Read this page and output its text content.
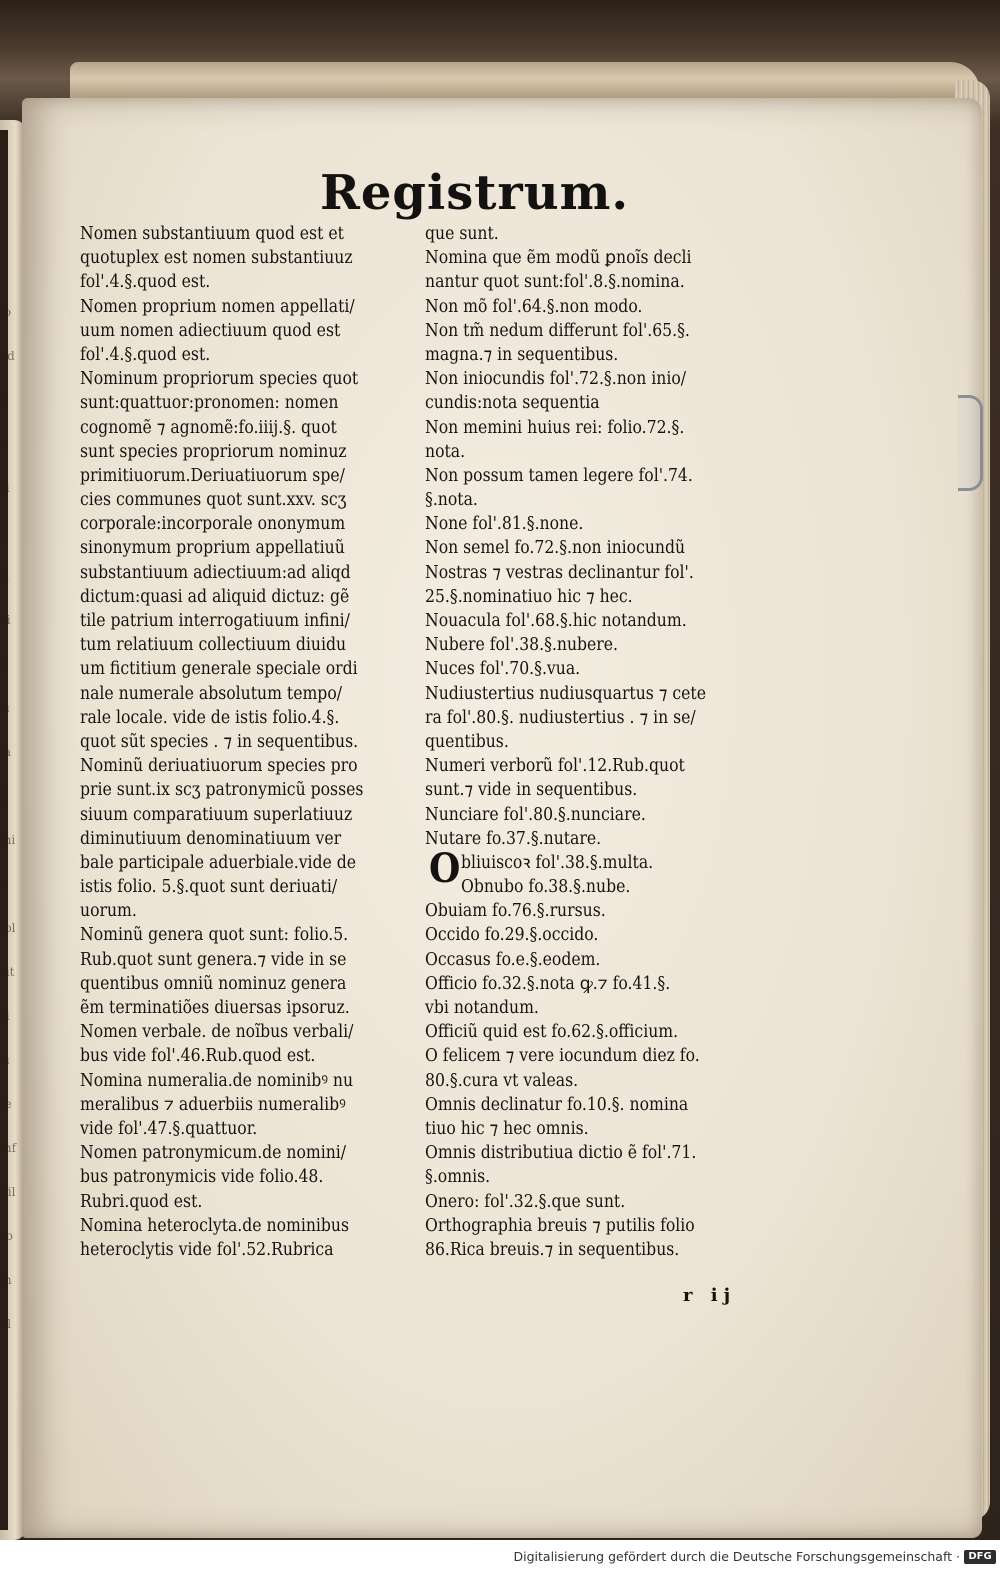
lo
ad
§
u
ri
§
ti
ci
§
ri
ia
§
mi
a
fol
rit
ri
ri
fe
inf
hil
ro
in
ol
Registrum.
Nomen substantiuum quod est et
quotuplex est nomen substantiuuz
fol'.4.§.quod est.
Nomen proprium nomen appellati/
uum nomen adiectiuum quod est
fol'.4.§.quod est.
Nominum propriorum species quot
sunt:quattuor:pronomen: nomen
cognomẽ ⁊ agnomẽ:fo.iiij.§. quot
sunt species propriorum nominuz
primitiuorum.Deriuatiuorum spe/
cies communes quot sunt.xxv. scʒ
corporale:incorporale ononymum
sinonymum proprium appellatiuũ
substantiuum adiectiuum:ad aliqd
dictum:quasi ad aliquid dictuz: gẽ
tile patrium interrogatiuum infini/
tum relatiuum collectiuum diuidu
um fictitium generale speciale ordi
nale numerale absolutum tempo/
rale locale. vide de istis folio.4.§.
quot sũt species . ⁊ in sequentibus.
Nominũ deriuatiuorum species pro
prie sunt.ix scʒ patronymicũ posses
siuum comparatiuum superlatiuuz
diminutiuum denominatiuum ver
bale participale aduerbiale.vide de
istis folio. 5.§.quot sunt deriuati/
uorum.
Nominũ genera quot sunt: folio.5.
Rub.quot sunt genera.⁊ vide in se
quentibus omniũ nominuz genera
ẽm terminatiões diuersas ipsoruz.
Nomen verbale. de noĩbus verbali/
bus vide fol'.46.Rub.quod est.
Nomina numeralia.de nominibꝰ nu
meralibus ⁊ aduerbiis numeralibꝰ
vide fol'.47.§.quattuor.
Nomen patronymicum.de nomini/
bus patronymicis vide folio.48.
Rubri.quod est.
Nomina heteroclyta.de nominibus
heteroclytis vide fol'.52.Rubrica
que sunt.
Nomina que ẽm modũ ꝑnoĩs decli
nantur quot sunt:fol'.8.§.nomina.
Non mõ fol'.64.§.non modo.
Non tm̃ nedum differunt fol'.65.§.
magna.⁊ in sequentibus.
Non iniocundis fol'.72.§.non inio/
cundis:nota sequentia
Non memini huius rei: folio.72.§.
nota.
Non possum tamen legere fol'.74.
§.nota.
None fol'.81.§.none.
Non semel fo.72.§.non iniocundũ
Nostras ⁊ vestras declinantur fol'.
25.§.nominatiuo hic ⁊ hec.
Nouacula fol'.68.§.hic notandum.
Nubere fol'.38.§.nubere.
Nuces fol'.70.§.vua.
Nudiustertius nudiusquartus ⁊ cete
ra fol'.80.§. nudiustertius . ⁊ in se/
quentibus.
Numeri verborũ fol'.12.Rub.quot
sunt.⁊ vide in sequentibus.
Nunciare fol'.80.§.nunciare.
Nutare fo.37.§.nutare.
O bliuiscoꝛ fol'.38.§.multa.
Obnubo fo.38.§.nube.
Obuiam fo.76.§.rursus.
Occido fo.29.§.occido.
Occasus fo.e.§.eodem.
Officio fo.32.§.nota ꝙ.⁊ fo.41.§.
vbi notandum.
Officiũ quid est fo.62.§.officium.
O felicem ⁊ vere iocundum diez fo.
80.§.cura vt valeas.
Omnis declinatur fo.10.§. nomina
tiuo hic ⁊ hec omnis.
Omnis distributiua dictio ẽ fol'.71.
§.omnis.
Onero: fol'.32.§.que sunt.
Orthographia breuis ⁊ putilis folio
86.Rica breuis.⁊ in sequentibus.
r ij
Digitalisierung gefördert durch die Deutsche Forschungsgemeinschaft · DFG
